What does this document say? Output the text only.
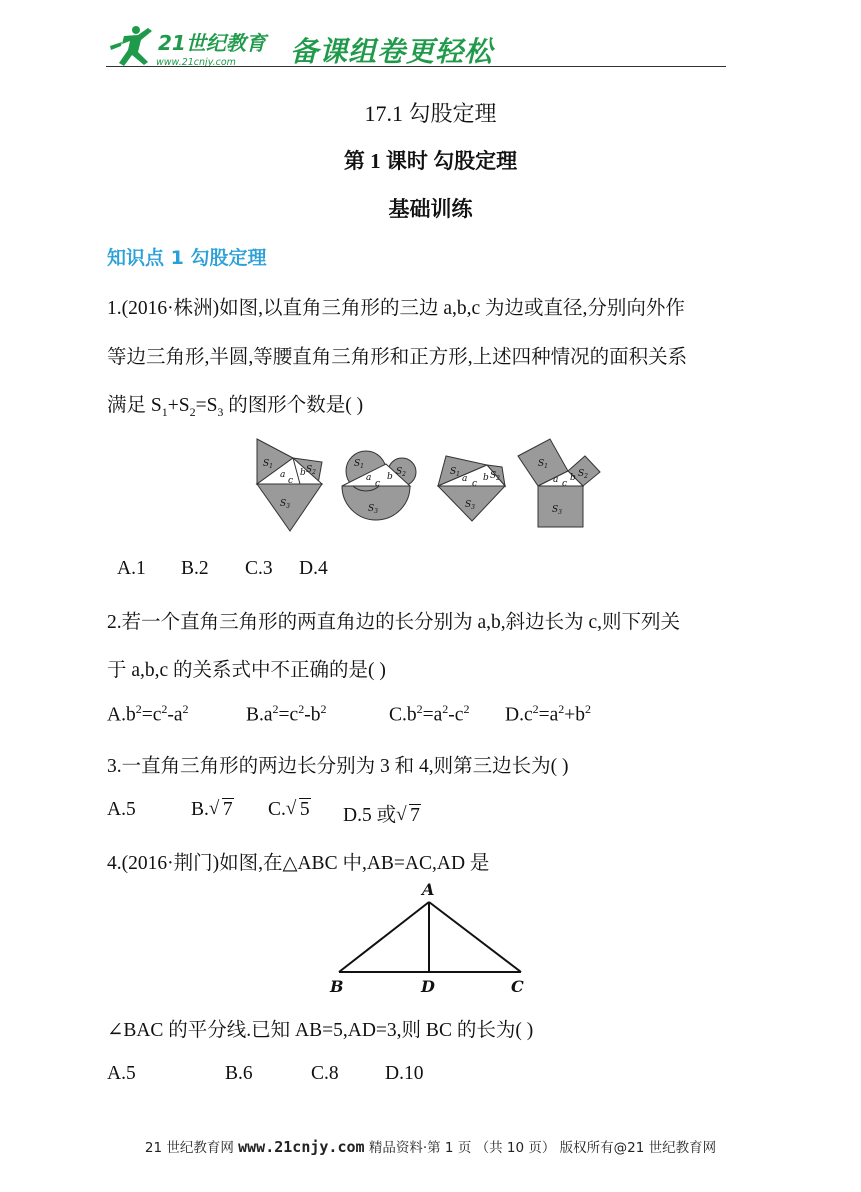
21世纪教育
www.21cnjy.com 备课组卷更轻松
17.1 勾股定理
第 1 课时 勾股定理
基础训练
知识点 1 勾股定理
1.(2016·株洲)如图,以直角三角形的三边 a,b,c 为边或直径,分别向外作
等边三角形,半圆,等腰直角三角形和正方形,上述四种情况的面积关系
满足 $S_1+S_2=S_3$ 的图形个数是( )
$S_1$	$S_2$
$S_3$
a b
c
$S_1$
$S_2$
$S_3$
a b
c
$S_1$	$S_2$
$S_3$
a b
c
$S_1$
$S_2$
$S_3$
a b
c
A.1 B.2 C.3 D.4
2.若一个直角三角形的两直角边的长分别为 a,b,斜边长为 c,则下列关
于 a,b,c 的关系式中不正确的是( )
$A.b^2=c^2-a^2$	$B.a^2=c^2-b^2$	$C.b^2=a^2-c^2$ $D.c^2=a^2+b^2$
3.一直角三角形的两边长分别为 3 和 4,则第三边长为( )
A.5	B. √ 7 C. √ 5 D.5 或 √ 7
4.(2016·荆门)如图,在△ABC 中,AB=AC,AD 是
A
B	D	C
∠BAC 的平分线.已知 AB=5,AD=3,则 BC 的长为( )
A.5	B.6	C.8 D.10
21 世纪教育网 www.21cnjy.com 精品资料·第 1 页 （共 10 页） 版权所有@21 世纪教育网
